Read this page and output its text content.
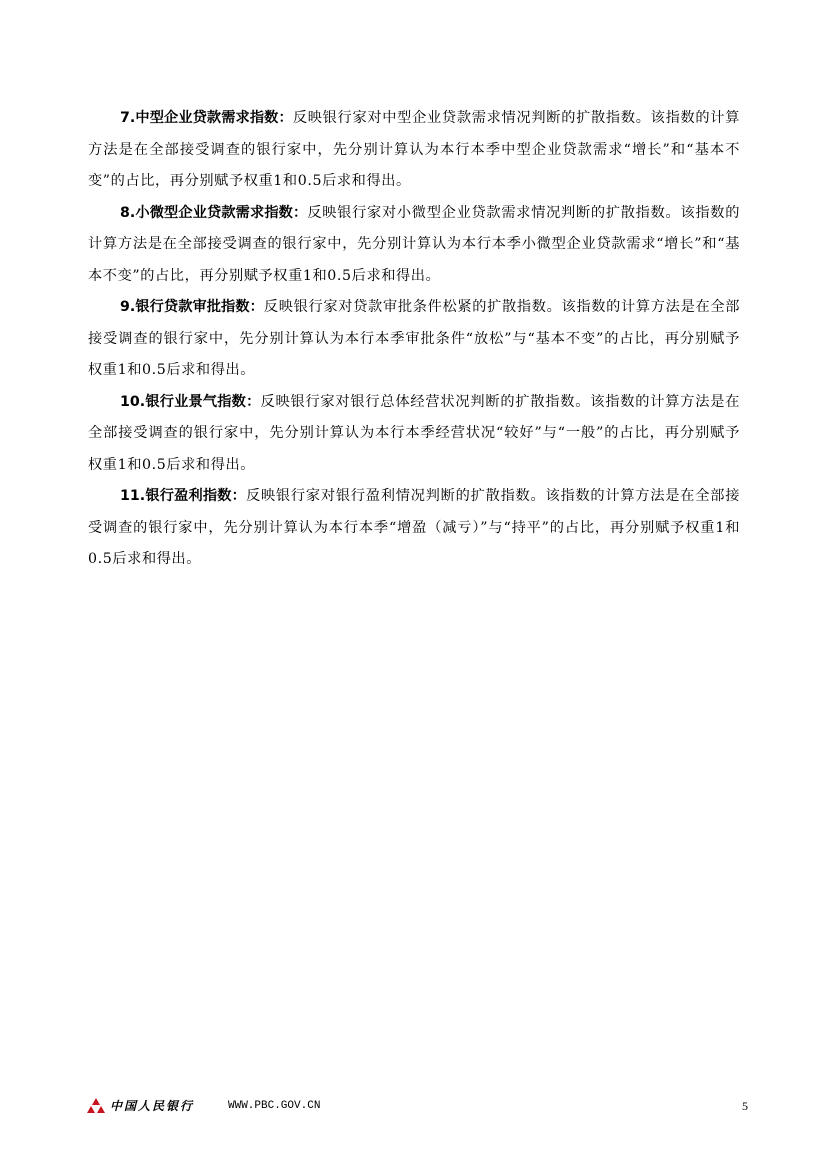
7.中型企业贷款需求指数：反映银行家对中型企业贷款需求情况判断的扩散指数。该指数的计算方法是在全部接受调查的银行家中，先分别计算认为本行本季中型企业贷款需求“增长”和“基本不变”的占比，再分别赋予权重1和0.5后求和得出。

8.小微型企业贷款需求指数：反映银行家对小微型企业贷款需求情况判断的扩散指数。该指数的计算方法是在全部接受调查的银行家中，先分别计算认为本行本季小微型企业贷款需求“增长”和“基本不变”的占比，再分别赋予权重1和0.5后求和得出。

9.银行贷款审批指数：反映银行家对贷款审批条件松紧的扩散指数。该指数的计算方法是在全部接受调查的银行家中，先分别计算认为本行本季审批条件“放松”与“基本不变”的占比，再分别赋予权重1和0.5后求和得出。

10.银行业景气指数：反映银行家对银行总体经营状况判断的扩散指数。该指数的计算方法是在全部接受调查的银行家中，先分别计算认为本行本季经营状况“较好”与“一般”的占比，再分别赋予权重1和0.5后求和得出。

11.银行盈利指数：反映银行家对银行盈利情况判断的扩散指数。该指数的计算方法是在全部接受调查的银行家中，先分别计算认为本行本季“增盈（减亏）”与“持平”的占比，再分别赋予权重1和0.5后求和得出。

中国人民银行	WWW.PBC.GOV.CN	5
